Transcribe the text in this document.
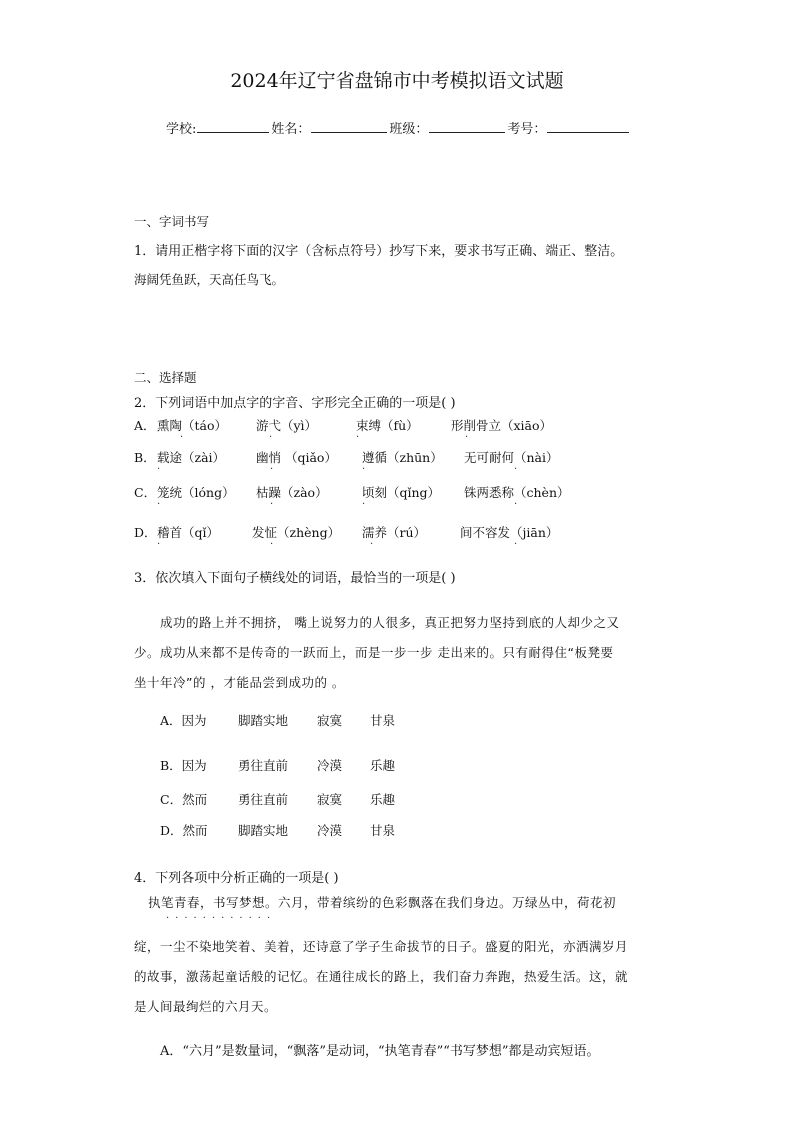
2024年辽宁省盘锦市中考模拟语文试题
学校:	姓名：	班级：	考号：
一、字词书写
1．请用正楷字将下面的汉字（含标点符号）抄写下来，要求书写正确、端正、整洁。
海阔凭鱼跃，天高任鸟飞。
二、选择题
2．下列词语中加点字的字音、字形完全正确的一项是( )
A． 熏陶（táo） 游弋（yì）	束缚（fù）	形削骨立（xiāo）
·	·	·	·
B． 载途（zài） 幽悄 （qiǎo） 遵循（zhūn） 无可耐何（nài）
·	·	·	·
C． 笼统（lóng） 枯躁（zào）	顷刻（qǐng） 铢两悉称（chèn）
·	·	·	·
D． 稽首（qǐ）	发怔（zhèng） 濡养（rú）	间不容发（jiān）
·	·	·	·
3．依次填入下面句子横线处的词语，最恰当的一项是( )
成功的路上并不拥挤， 嘴上说努力的人很多，真正把努力坚持到底的人却少之又
少。成功从来都不是传奇的一跃而上，而是一步一步 走出来的。只有耐得住“板凳要
坐十年冷”的 ，才能品尝到成功的 。
A．因为	脚踏实地 寂寞 甘泉
B．因为	勇往直前 冷漠 乐趣
C．然而 勇往直前 寂寞 乐趣
D．然而 脚踏实地 冷漠 甘泉
4．下列各项中分析正确的一项是( )
执笔青春，书写梦想。六月，带着缤纷的色彩飘落在我们身边。万绿丛中，荷花初
············
绽，一尘不染地笑着、美着，还诗意了学子生命拔节的日子。盛夏的阳光，亦洒满岁月
的故事，激荡起童话般的记忆。在通往成长的路上，我们奋力奔跑，热爱生活。这，就
是人间最绚烂的六月天。
A．“六月”是数量词，“飘落”是动词，“执笔青春”“书写梦想”都是动宾短语。
